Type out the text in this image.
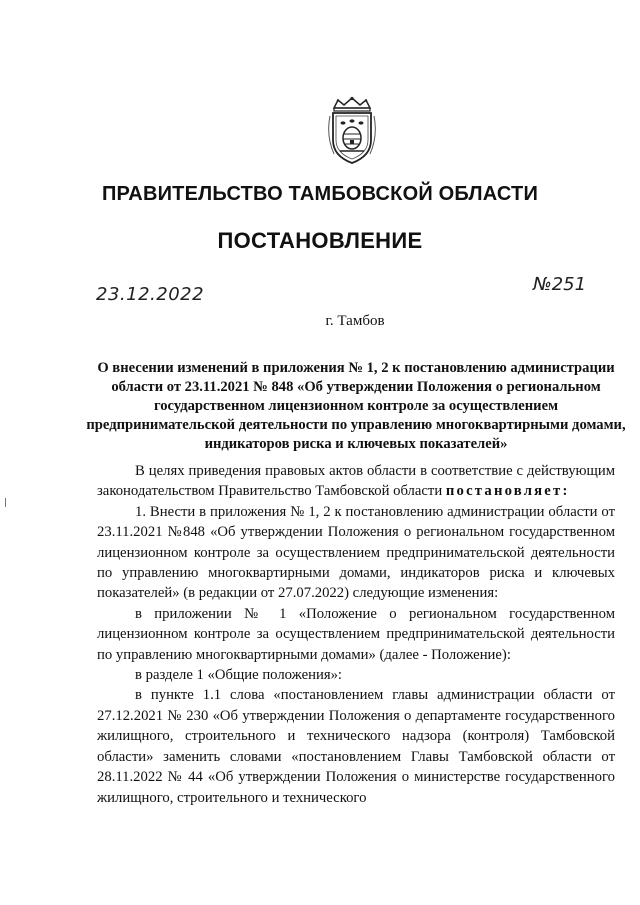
ПРАВИТЕЛЬСТВО ТАМБОВСКОЙ ОБЛАСТИ
ПОСТАНОВЛЕНИЕ
23.12.2022	№251
г. Тамбов
О внесении изменений в приложения № 1, 2 к постановлению администрации области от 23.11.2021 № 848 «Об утверждении Положения о региональном государственном лицензионном контроле за осуществлением предпринимательской деятельности по управлению многоквартирными домами, индикаторов риска и ключевых показателей»

В целях приведения правовых актов области в соответствие с действующим законодательством Правительство Тамбовской области постановляет:

1. Внести в приложения № 1, 2 к постановлению администрации области от 23.11.2021 №848 «Об утверждении Положения о региональном государственном лицензионном контроле за осуществлением предпринимательской деятельности по управлению многоквартирными домами, индикаторов риска и ключевых показателей» (в редакции от 27.07.2022) следующие изменения:

в приложении № 1 «Положение о региональном государственном лицензионном контроле за осуществлением предпринимательской деятельности по управлению многоквартирными домами» (далее - Положение):

в разделе 1 «Общие положения»:

в пункте 1.1 слова «постановлением главы администрации области от 27.12.2021 № 230 «Об утверждении Положения о департаменте государственного жилищного, строительного и технического надзора (контроля) Тамбовской области» заменить словами «постановлением Главы Тамбовской области от 28.11.2022 № 44 «Об утверждении Положения о министерстве государственного жилищного, строительного и технического
